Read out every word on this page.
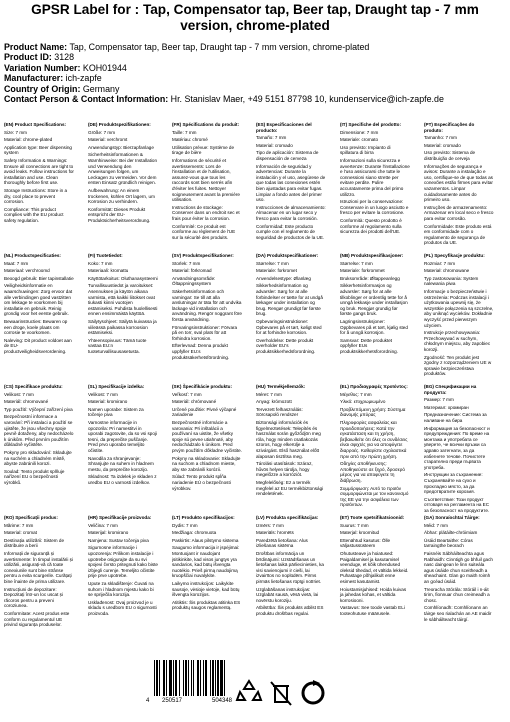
GPSR Label for : Tap, Compensator tap, Beer tap, Draught tap - 7 mm version, chrome-plated
Product Name: Tap, Compensator tap, Beer tap, Draught tap - 7 mm version, chrome-plated
Product ID: 3128
Variation Number: KOH01944
Manufacturer: ich-zapfe
Country of Origin: Germany
Contact Person & Contact Information: Hr. Stanislav Maer, +49 5151 87798 10, kundenservice@ich-zapfe.de

(EN) Product Specifications:

Size: 7 mm

Material: chrome-plated

Application type: Beer dispensing system

Safety Information & Warnings: Ensure all connections are tight to avoid leaks. Follow instructions for installation and use. Clean thoroughly before first use.

Storage Instructions: Store in a dry, cool place to prevent corrosion.

Compliance: This product complies with the EU product safety regulation.

(DE) Produktspezifikationen:

Größe: 7 mm

Material: verchromt

Anwendungstyp: Bierzapfanlage

Sicherheitsinformationen & Warnhinweise: Bei der Installation und Verwendung den Anweisungen folgen, um Leckagen zu vermeiden. Vor dem ersten Einsatz gründlich reinigen.

Aufbewahrung: An einem trockenen, kühlen Ort lagern, um Korrosion zu verhindern.

Konformität: Dieses Produkt entspricht der EU-Produktsicherheitsverordnung.

(FR) Spécifications du produit:

Taille: 7 mm

Matériau: chromé

Utilisation prévue: Système de tirage de bière

Informations de sécurité et avertissements: Lors de l'installation et de l'utilisation, assurez-vous que tous les raccords sont bien serrés afin d'éviter les fuites. Nettoyer soigneusement avant la première utilisation.

Instructions de stockage: Conserver dans un endroit sec et frais pour éviter la corrosion.

Conformité: Ce produit est conforme au règlement de l'UE sur la sécurité des produits.

(ES) Especificaciones del producto:

Tamaño: 7 mm

Material: cromado

Tipo de aplicación: Sistema de dispensación de cerveza

Información de seguridad y advertencias: Durante la instalación y el uso, asegúrese de que todas las conexiones estén bien ajustadas para evitar fugas. Limpiar a fondo antes del primer uso.

Instrucciones de almacenamiento: Almacenar en un lugar seco y fresco para evitar la corrosión.

Conformidad: Este producto cumple con el reglamento de seguridad de productos de la UE.

(IT) Specifiche del prodotto:

Dimensione: 7 mm

Materiale: cromato

Uso previsto: Impianto di spillatura di birra

Informazioni sulla sicurezza e avvertenze: Durante l'installazione e l'uso assicurarsi che tutte le connessioni siano strette per evitare perdite. Pulire accuratamente prima del primo utilizzo.

Istruzioni per la conservazione: Conservare in un luogo asciutto e fresco per evitare la corrosione.

Conformità: Questo prodotto è conforme al regolamento sulla sicurezza dei prodotti dell'UE.

(PT) Especificações do produto:

Tamanho: 7 mm

Material: cromado

Uso previsto: Sistema de distribuição de cerveja

Informações de segurança e avisos: Durante a instalação e uso, certifique-se de que todas as conexões estão firmes para evitar vazamentos. Limpar cuidadosamente antes do primeiro uso.

Instruções de armazenamento: Armazenar em local seco e fresco para evitar corrosão.

Conformidade: Este produto está em conformidade com o regulamento de segurança de produtos da UE.

(NL) Productspecificaties:

Maat: 7 mm

Materiaal: verchroomd

Beoogd gebruik: Bier tapinstallatie

Veiligheidsinformatie en waarschuwingen: Zorg ervoor dat alle verbindingen goed vastzitten om lekkage te voorkomen bij installatie en gebruik. Reinig grondig voor het eerste gebruik.

Bewaarinstructies: Bewaren op een droge, koele plaats om corrosie te voorkomen.

Naleving: Dit product voldoet aan de EU-productveiligheidsverordening.

(FI) Tuotetiedot:

Koko: 7 mm

Materiaali: kromattu

Käyttötarkoitus: Oluthanasysteemi

Turvallisuustiedot ja varoitukset: Asennuksen ja käytön aikana varmista, että kaikki liitokset ovat tiukasti kiinni vuotojen estämiseksi. Puhdista huolellisesti ennen ensimmäistä käyttöä.

Säilytysohjeet: Säilytä kuivassa ja viileässä paikassa korroosion estämiseksi.

Yhteensopivuus: Tämä tuote vastaa EU:n tuoteturvallisuusasetusta.

(SV) Produktspecifikationer:

Storlek: 7 mm

Material: förkromad

Användningsområde: Öltappningssystem

Säkerhetsinformation och varningar: Se till att alla anslutningar är täta för att undvika läckage vid installation och användning. Rengör noggrant före första användning.

Förvaringsinstruktioner: Förvara på en torr, sval plats för att förhindra korrosion.

Efterlevnad: Denna produkt uppfyller EU:s produktsäkerhetsförordning.

(DA) Produktspecifikationer:

Størrelse: 7 mm

Materiale: forkromet

Anvendelsestype: Ølanlæg

Sikkerhedsinformation og advarsler: Sørg for at alle forbindelser er tætte for at undgå lækager under installation og brug. Rengør grundigt før første brug.

Opbevaringsinstruktioner: Opbevares på et tørt, køligt sted for at forhindre korrosion.

Overholdelse: Dette produkt overholder EU's produktsikkerhedsforordning.

(NB) Produktspesifikasjoner:

Størrelse: 7 mm

Materiale: forkrommet

Bruksområde: Øltappeanlegg

Sikkerhetsinformasjon og advarsler: Sørg for at alle tilkoblinger er ordentlig tette for å unngå lekkasje under installasjon og bruk. Rengjør grundig før første gangs bruk.

Lagringsinstruksjoner: Oppbevares på et tørt, kjølig sted for å unngå korrosjon.

Samsvar: Dette produktet oppfyller EUs produktsikkerhetsforordning.

(PL) Specyfikacje produktu:

Rozmiar: 7 mm

Materiał: chromowane

Typ zastosowania: System nalewania piwa

Informacje o bezpieczeństwie i ostrzeżenia: Podczas instalacji i użytkowania upewnij się, że wszystkie połączenia są szczelne, aby uniknąć wycieków. Dokładnie wyczyść przed pierwszym użyciem.

Instrukcje przechowywania: Przechowywać w suchym, chłodnym miejscu, aby zapobiec korozji.

Zgodność: Ten produkt jest zgodny z rozporządzeniem UE w sprawie bezpieczeństwa produktów.

(CS) Specifikace produktu:

Velikost: 7 mm

Materiál: chromované

Typ použití: Výčepní zařízení piva

Bezpečnostní informace a varování: Při instalaci a použití se ujistěte, že jsou všechny spoje pevně dotaženy, aby nedocházelo k únikům. Před prvním použitím důkladně vyčistěte.

Pokyny pro skladování: Skladujte na suchém a chladném místě, abyste zabránili korozi.

Soulad: Tento produkt splňuje nařízení EU o bezpečnosti výrobků.

(SL) Specifikacije izdelka:

Velikost: 7 mm

Material: kromirano

Namen uporabe: Sistem za točenje piva

Varnostne informacije in opozorila: Pri namestitvi in uporabi zagotovite, da so vsi spoji tesni, da preprečite puščanje. Pred prvo uporabo temeljito očistite.

Navodila za shranjevanje: Shranjujte na suhem in hladnem mestu, da preprečite korozijo.

Skladnost: Ta izdelek je skladen z uredbo EU o varnosti izdelkov.

(SK) Špecifikácie produktu:

Veľkosť: 7 mm

Materiál: chrómované

Určené použitie: Pivné výčapné zariadenie

Bezpečnostné informácie a varovania: Pri inštalácii a používaní sa uistite, že všetky spoje sú pevne utiahnuté, aby nedochádzalo k únikom. Pred prvým použitím dôkladne vyčistite.

Pokyny na skladovanie: Skladujte na suchom a chladnom mieste, aby ste zabránili korózii.

Súlad: Tento produkt spĺňa nariadenie EÚ o bezpečnosti výrobkov.

(HU) Termékjellemzők:

Méret: 7 mm

Anyag: krómozott

Tervezett felhasználás: Sörcsapoló rendszer

Biztonsági információk és figyelmeztetések: Telepítés és használat során győződjön meg róla, hogy minden csatlakozás szoros, hogy elkerülje a szivárgást. Első használat előtt alaposan tisztítsa meg.

Tárolási utasítások: Száraz, hűvös helyen tárolja, hogy megelőzze a korróziót.

Megfelelőség: Ez a termék megfelel az EU termékbiztonsági rendeletének.

(EL) Προδιαγραφές προϊόντος:

Μέγεθος: 7 mm

Υλικό: επιχρωμιωμένο

Προβλεπόμενη χρήση: Σύστημα διανομής μπύρας

Πληροφορίες ασφαλείας και προειδοποιήσεις: Κατά την εγκατάσταση και τη χρήση, βεβαιωθείτε ότι όλες οι συνδέσεις είναι σφιχτές για να αποφύγετε διαρροές. Καθαρίστε σχολαστικά πριν από την πρώτη χρήση.

Οδηγίες αποθήκευσης: Αποθηκεύστε σε ξηρό, δροσερό μέρος για να αποφύγετε τη διάβρωση.

Συμμόρφωση: Αυτό το προϊόν συμμορφώνεται με τον κανονισμό της ΕΕ για την ασφάλεια των προϊόντων.

(BG) Спецификации на продукта:

Размер: 7 mm

Материал: хромиран

Предназначение: Система за наливане на бира

Информация за безопасност и предупреждения: По време на монтажа и употребата се уверете, че всички връзки са здраво затегнати, за да избегнете течове. Почистете старателно преди първата употреба.

Инструкции за съхранение: Съхранявайте на сухо и прохладно място, за да предотвратите корозия.

Съответствие: Този продукт отговаря на регламента на ЕС за безопасност на продуктите.

(RO) Specificații produs:

Mărime: 7 mm

Material: cromat

Destinația utilizării: Sistem de distribuire a berii

Informații de siguranță și avertismente: În timpul instalării și utilizării, asigurați-vă că toate conexiunile sunt bine strânse pentru a evita scurgerile. Curățați bine înainte de prima utilizare.

Instrucțiuni de depozitare: Depozitați într-un loc uscat și răcoros pentru a preveni coroziunea.

Conformitate: Acest produs este conform cu regulamentul UE privind siguranța produselor.

(HR) Specifikacije proizvoda:

Veličina: 7 mm

Materijal: kromirano

Namjena: Sustav točenja piva

Sigurnosne informacije i upozorenja: Prilikom instalacije i upotrebe osigurajte da su svi spojevi čvrsto pritegnuti kako biste izbjegli curenje. Temeljito očistite prije prve upotrebe.

Upute za skladištenje: Čuvati na suhom i hladnom mjestu kako bi se spriječila korozija.

Usklađenost: Ovaj proizvod je u skladu s uredbom EU o sigurnosti proizvoda.

(LT) Produkto specifikacijos:

Dydis: 7 mm

Medžiaga: chromuota

Paskirtis: Alaus pilstymo sistema

Saugumo informacija ir įspėjimai: Montuojant ir naudojant įsitikinkite, kad visos jungtys yra sandarios, kad būtų išvengta nuotėkio. Prieš pirmą naudojimą kruopščiai nuvalykite.

Laikymo instrukcijos: Laikykite sausoje, vėsioje vietoje, kad būtų išvengta korozijos.

Atitiktis: Šis produktas atitinka ES produktų saugos reglamentą.

(LV) Produkta specifikācijas:

Izmērs: 7 mm

Materiāls: hromēts

Paredzētā lietošana: Alus izliešanas sistēma

Drošības informācija un brīdinājumi: Uzstādīšanas un lietošanas laikā pārliecinieties, ka visi savienojumi ir cieši, lai izvairītos no noplūdēm. Pirms pirmās lietošanas rūpīgi notīriet.

Uzglabāšanas instrukcijas: Uzglabāt sausā, vēsā vietā, lai novērstu koroziju.

Atbilstība: Šis produkts atbilst ES produktu drošības regulai.

(ET) Toote spetsifikatsioonid:

Suurus: 7 mm

Materjal: kroomitud

Ettenähtud kasutus: Õlle väljastussüsteem

Ohutusteave ja hoiatused: Paigaldamisel ja kasutamisel veenduge, et kõik ühendused oleksid tihedad, et vältida lekkeid. Puhastage põhjalikult enne esimest kasutamist.

Hoiustamisjuhised: Hoida kuivas ja jahedas kohas, et vältida korrosiooni.

Vastavus: See toode vastab ELi tooteohutuse määrusele.

(GA) Sonraíochtaí Táirge:

Méid: 7 mm

Ábhar: plátáilte-chróimiam

Úsáid Beartaithe: Córas tarraingthe beorach

Faisnéis Sábháilteachta agus Rabhaidh: Cinntigh go bhfuil gach nasc daingean le linn suiteála agus úsáide chun sceitheadh a sheachaint. Glan go maith roimh an gcéad úsáid.

Treoracha Stórála: Stóráil i n-áit tirim, fionnuar chun creimeadh a chosc.

Comhlíonadh: Comhlíonann an táirge seo rialachán an AE maidir le sábháilteacht táirgí.

4 250517	504348
